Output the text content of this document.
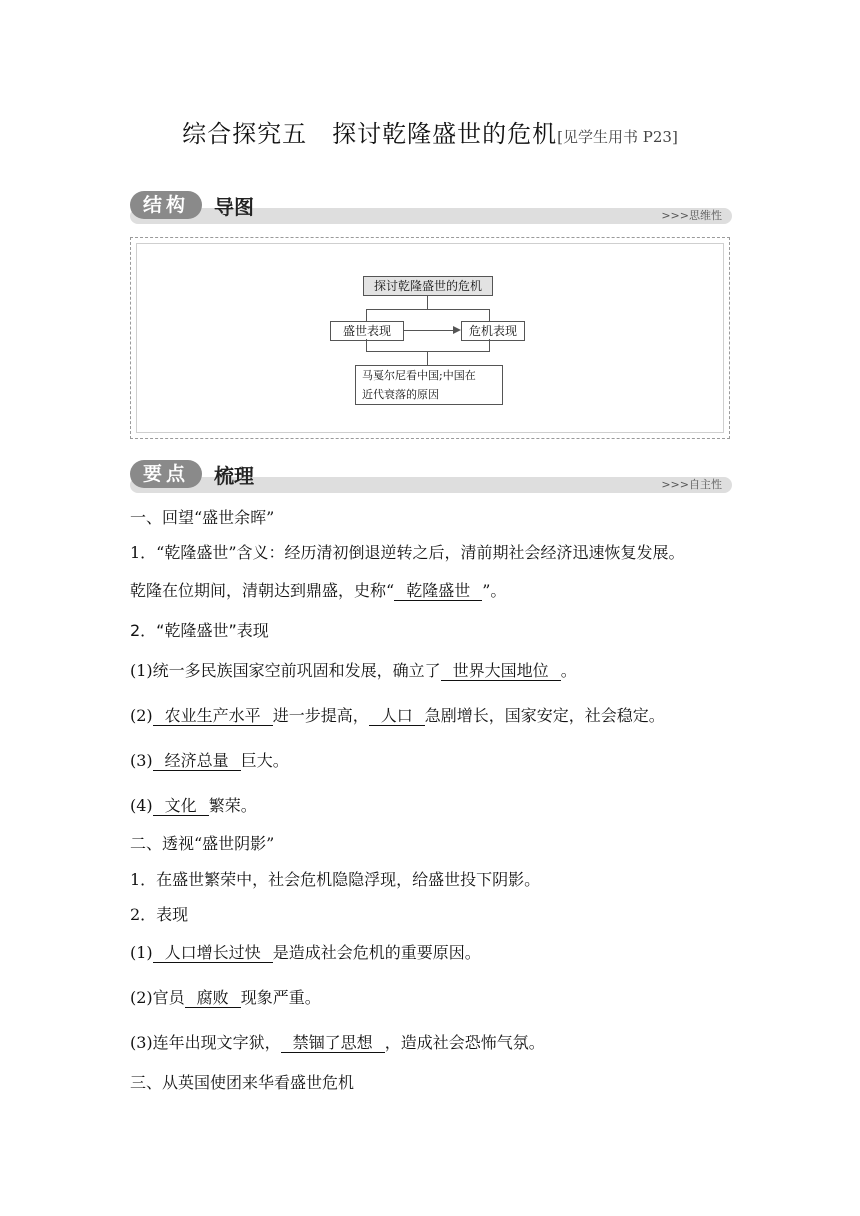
综合探究五　探讨乾隆盛世的危机[见学生用书 P23]
结构	导图	>>>思维性
探讨乾隆盛世的危机
盛世表现	危机表现
马戛尔尼看中国;中国在
近代衰落的原因
要点	梳理	>>>自主性
一、回望“盛世余晖”
1．“乾隆盛世”含义：经历清初倒退逆转之后，清前期社会经济迅速恢复发展。
乾隆在位期间，清朝达到鼎盛，史称“ 乾隆盛世 ”。
2．“乾隆盛世”表现
(1)统一多民族国家空前巩固和发展，确立了 世界大国地位 。
(2) 农业生产水平 进一步提高， 人口 急剧增长，国家安定，社会稳定。
(3) 经济总量 巨大。
(4) 文化 繁荣。
二、透视“盛世阴影”
1．在盛世繁荣中，社会危机隐隐浮现，给盛世投下阴影。
2．表现
(1) 人口增长过快 是造成社会危机的重要原因。
(2)官员 腐败 现象严重。
(3)连年出现文字狱， 禁锢了思想 ，造成社会恐怖气氛。
三、从英国使团来华看盛世危机
